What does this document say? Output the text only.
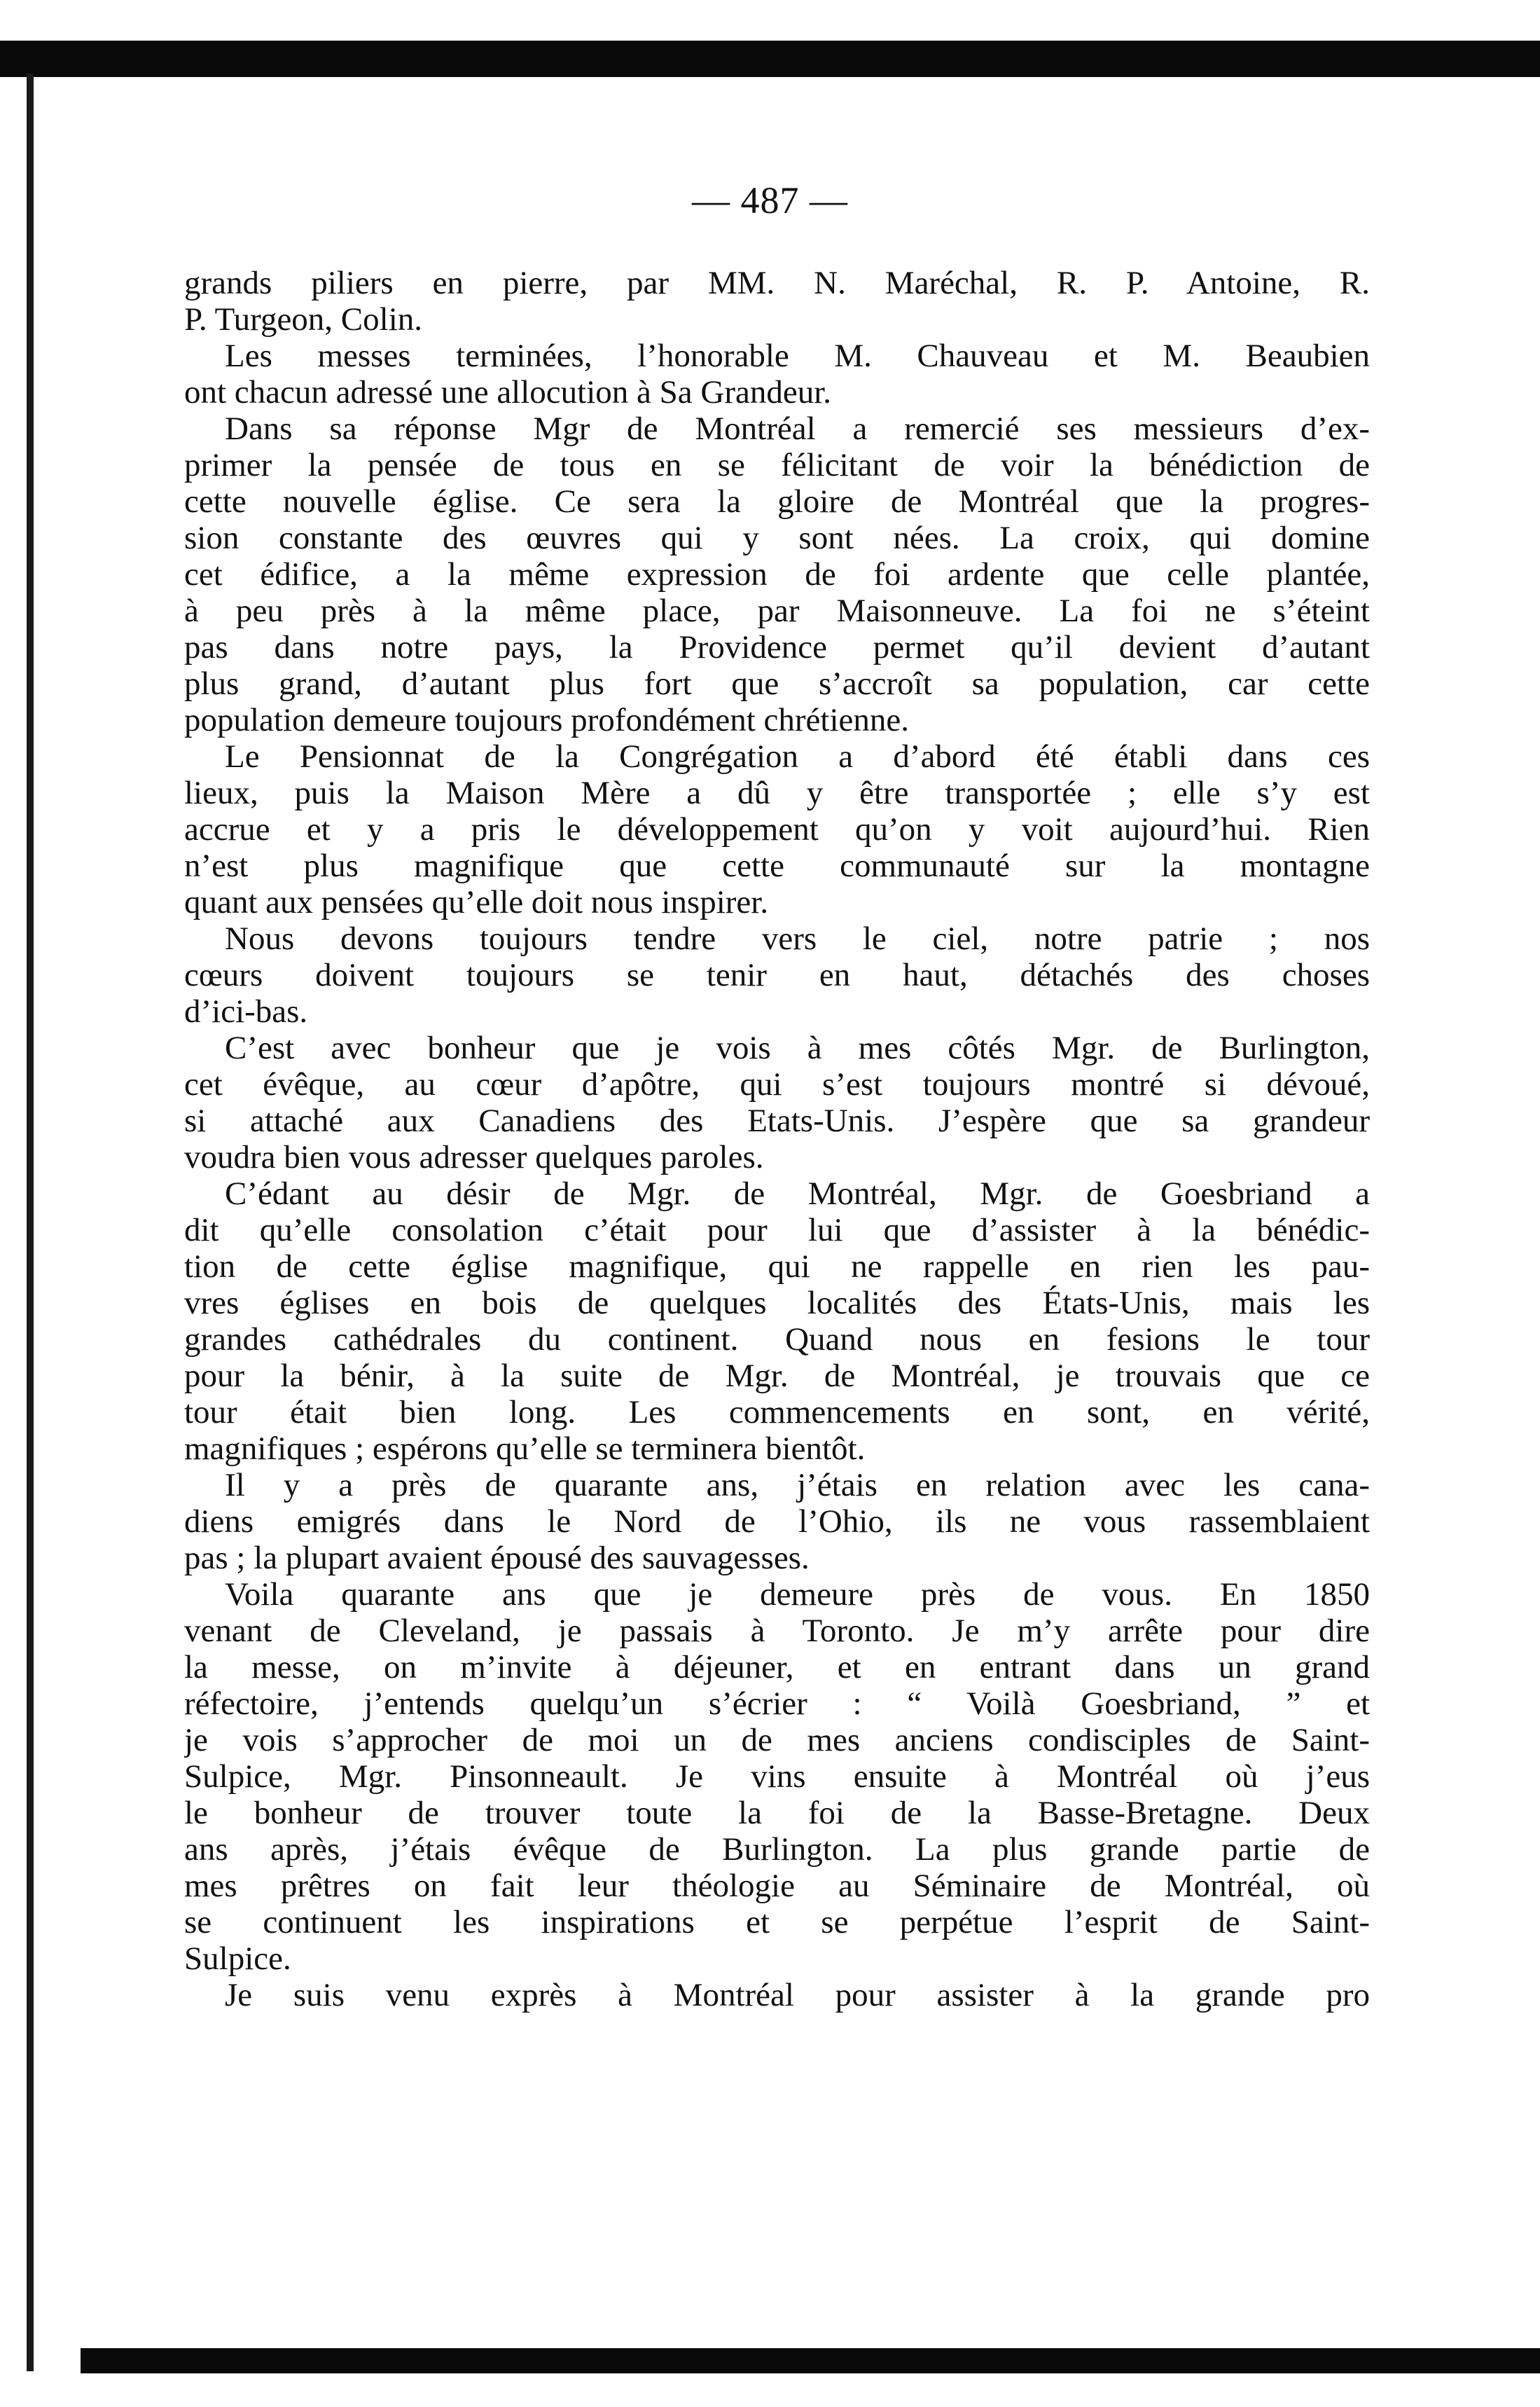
— 487 —
grands piliers en pierre, par MM. N. Maréchal, R. P. Antoine, R.
P. Turgeon, Colin.
Les messes terminées, l’honorable M. Chauveau et M. Beaubien
ont chacun adressé une allocution à Sa Grandeur.
Dans sa réponse Mgr de Montréal a remercié ses messieurs d’ex-
primer la pensée de tous en se félicitant de voir la bénédiction de
cette nouvelle église. Ce sera la gloire de Montréal que la progres-
sion constante des œuvres qui y sont nées. La croix, qui domine
cet édifice, a la même expression de foi ardente que celle plantée,
à peu près à la même place, par Maisonneuve. La foi ne s’éteint
pas dans notre pays, la Providence permet qu’il devient d’autant
plus grand, d’autant plus fort que s’accroît sa population, car cette
population demeure toujours profondément chrétienne.
Le Pensionnat de la Congrégation a d’abord été établi dans ces
lieux, puis la Maison Mère a dû y être transportée ; elle s’y est
accrue et y a pris le développement qu’on y voit aujourd’hui. Rien
n’est plus magnifique que cette communauté sur la montagne
quant aux pensées qu’elle doit nous inspirer.
Nous devons toujours tendre vers le ciel, notre patrie ; nos
cœurs doivent toujours se tenir en haut, détachés des choses
d’ici-bas.
C’est avec bonheur que je vois à mes côtés Mgr. de Burlington,
cet évêque, au cœur d’apôtre, qui s’est toujours montré si dévoué,
si attaché aux Canadiens des Etats-Unis. J’espère que sa grandeur
voudra bien vous adresser quelques paroles.
C’édant au désir de Mgr. de Montréal, Mgr. de Goesbriand a
dit qu’elle consolation c’était pour lui que d’assister à la bénédic-
tion de cette église magnifique, qui ne rappelle en rien les pau-
vres églises en bois de quelques localités des États-Unis, mais les
grandes cathédrales du continent. Quand nous en fesions le tour
pour la bénir, à la suite de Mgr. de Montréal, je trouvais que ce
tour était bien long. Les commencements en sont, en vérité,
magnifiques ; espérons qu’elle se terminera bientôt.
Il y a près de quarante ans, j’étais en relation avec les cana-
diens emigrés dans le Nord de l’Ohio, ils ne vous rassemblaient
pas ; la plupart avaient épousé des sauvagesses.
Voila quarante ans que je demeure près de vous. En 1850
venant de Cleveland, je passais à Toronto. Je m’y arrête pour dire
la messe, on m’invite à déjeuner, et en entrant dans un grand
réfectoire, j’entends quelqu’un s’écrier : “ Voilà Goesbriand, ” et
je vois s’approcher de moi un de mes anciens condisciples de Saint-
Sulpice, Mgr. Pinsonneault. Je vins ensuite à Montréal où j’eus
le bonheur de trouver toute la foi de la Basse-Bretagne. Deux
ans après, j’étais évêque de Burlington. La plus grande partie de
mes prêtres on fait leur théologie au Séminaire de Montréal, où
se continuent les inspirations et se perpétue l’esprit de Saint-
Sulpice.
Je suis venu exprès à Montréal pour assister à la grande pro
